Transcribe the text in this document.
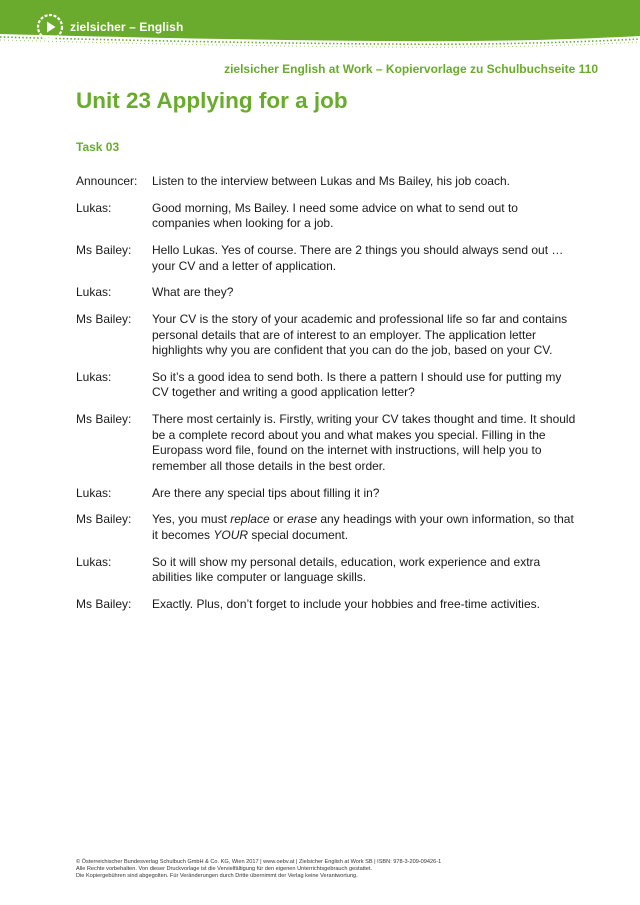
zielsicher – English
zielsicher English at Work – Kopiervorlage zu Schulbuchseite 110
Unit 23 Applying for a job
Task 03
Announcer:	Listen to the interview between Lukas and Ms Bailey, his job coach.
Lukas:	Good morning, Ms Bailey. I need some advice on what to send out to companies when looking for a job.
Ms Bailey:	Hello Lukas. Yes of course. There are 2 things you should always send out … your CV and a letter of application.
Lukas:	What are they?
Ms Bailey:	Your CV is the story of your academic and professional life so far and contains personal details that are of interest to an employer. The application letter highlights why you are confident that you can do the job, based on your CV.
Lukas:	So it’s a good idea to send both. Is there a pattern I should use for putting my CV together and writing a good application letter?
Ms Bailey:	There most certainly is. Firstly, writing your CV takes thought and time. It should be a complete record about you and what makes you special. Filling in the Europass word file, found on the internet with instructions, will help you to remember all those details in the best order.
Lukas:	Are there any special tips about filling it in?
Ms Bailey:	Yes, you must replace or erase any headings with your own information, so that it becomes YOUR special document.
Lukas:	So it will show my personal details, education, work experience and extra abilities like computer or language skills.
Ms Bailey:	Exactly. Plus, don’t forget to include your hobbies and free-time activities.
© Österreichischer Bundesverlag Schulbuch GmbH & Co. KG, Wien 2017 | www.oebv.at | Zielsicher English at Work SB | ISBN: 978-3-209-09426-1
Alle Rechte vorbehalten. Von dieser Druckvorlage ist die Vervielfältigung für den eigenen Unterrichtsgebrauch gestattet.
Die Kopiergebühren sind abgegolten. Für Veränderungen durch Dritte übernimmt der Verlag keine Verantwortung.
